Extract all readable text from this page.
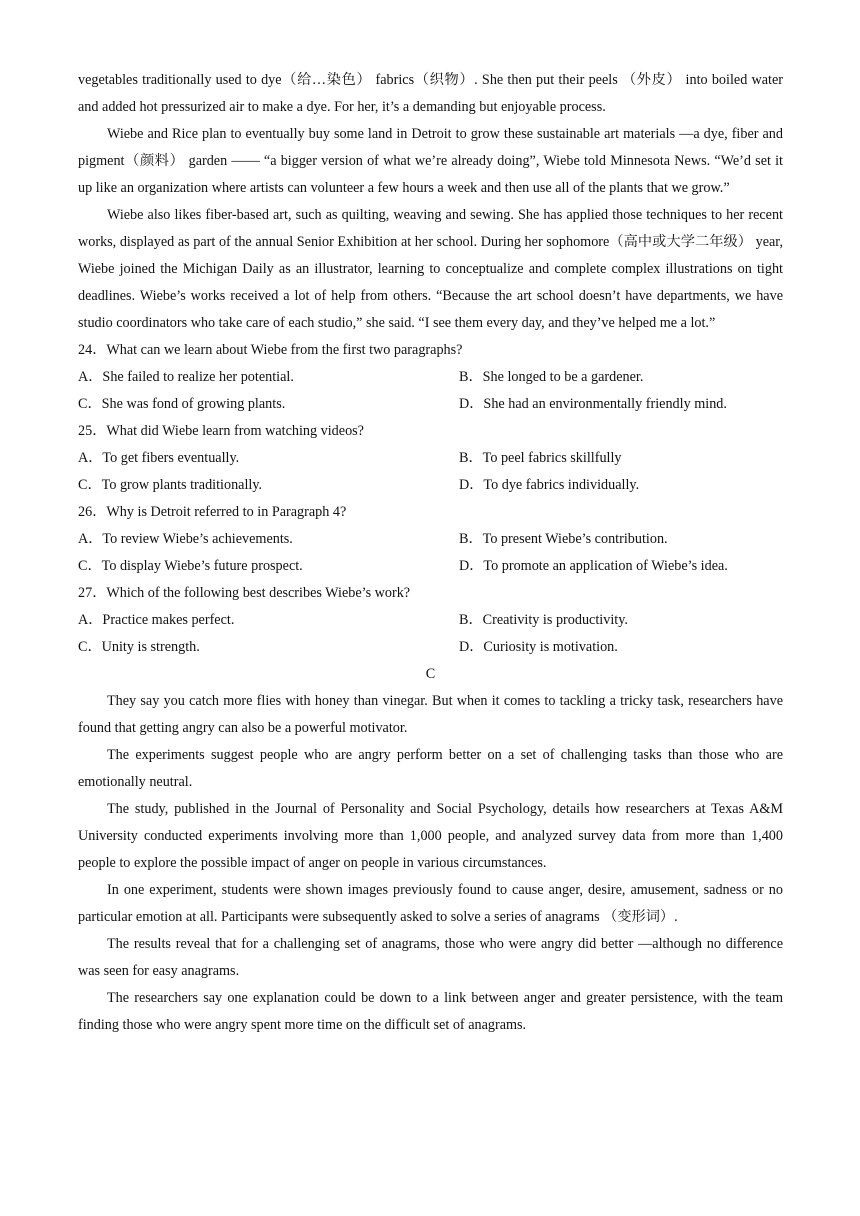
vegetables traditionally used to dye（给…染色） fabrics（织物）. She then put their peels （外皮） into boiled water and added hot pressurized air to make a dye. For her, it’s a demanding but enjoyable process.

Wiebe and Rice plan to eventually buy some land in Detroit to grow these sustainable art materials —a dye, fiber and pigment（颜料） garden —— “a bigger version of what we’re already doing”, Wiebe told Minnesota News. “We’d set it up like an organization where artists can volunteer a few hours a week and then use all of the plants that we grow.”

Wiebe also likes fiber-based art, such as quilting, weaving and sewing. She has applied those techniques to her recent works, displayed as part of the annual Senior Exhibition at her school. During her sophomore（高中或大学二年级） year, Wiebe joined the Michigan Daily as an illustrator, learning to conceptualize and complete complex illustrations on tight deadlines. Wiebe’s works received a lot of help from others. “Because the art school doesn’t have departments, we have studio coordinators who take care of each studio,” she said. “I see them every day, and they’ve helped me a lot.”

24．What can we learn about Wiebe from the first two paragraphs?

A．She failed to realize her potential.	B．She longed to be a gardener.
C．She was fond of growing plants.	D．She had an environmentally friendly mind.

25．What did Wiebe learn from watching videos?

A．To get fibers eventually.	B．To peel fabrics skillfully
C．To grow plants traditionally.	D．To dye fabrics individually.

26．Why is Detroit referred to in Paragraph 4?

A．To review Wiebe’s achievements.	B．To present Wiebe’s contribution.
C．To display Wiebe’s future prospect.	D．To promote an application of Wiebe’s idea.

27．Which of the following best describes Wiebe’s work?

A．Practice makes perfect.	B．Creativity is productivity.
C．Unity is strength.	D．Curiosity is motivation.

C

They say you catch more flies with honey than vinegar. But when it comes to tackling a tricky task, researchers have found that getting angry can also be a powerful motivator.

The experiments suggest people who are angry perform better on a set of challenging tasks than those who are emotionally neutral.

The study, published in the Journal of Personality and Social Psychology, details how researchers at Texas A&M University conducted experiments involving more than 1,000 people, and analyzed survey data from more than 1,400 people to explore the possible impact of anger on people in various circumstances.

In one experiment, students were shown images previously found to cause anger, desire, amusement, sadness or no particular emotion at all. Participants were subsequently asked to solve a series of anagrams （变形词）.

The results reveal that for a challenging set of anagrams, those who were angry did better —although no difference was seen for easy anagrams.

The researchers say one explanation could be down to a link between anger and greater persistence, with the team finding those who were angry spent more time on the difficult set of anagrams.
